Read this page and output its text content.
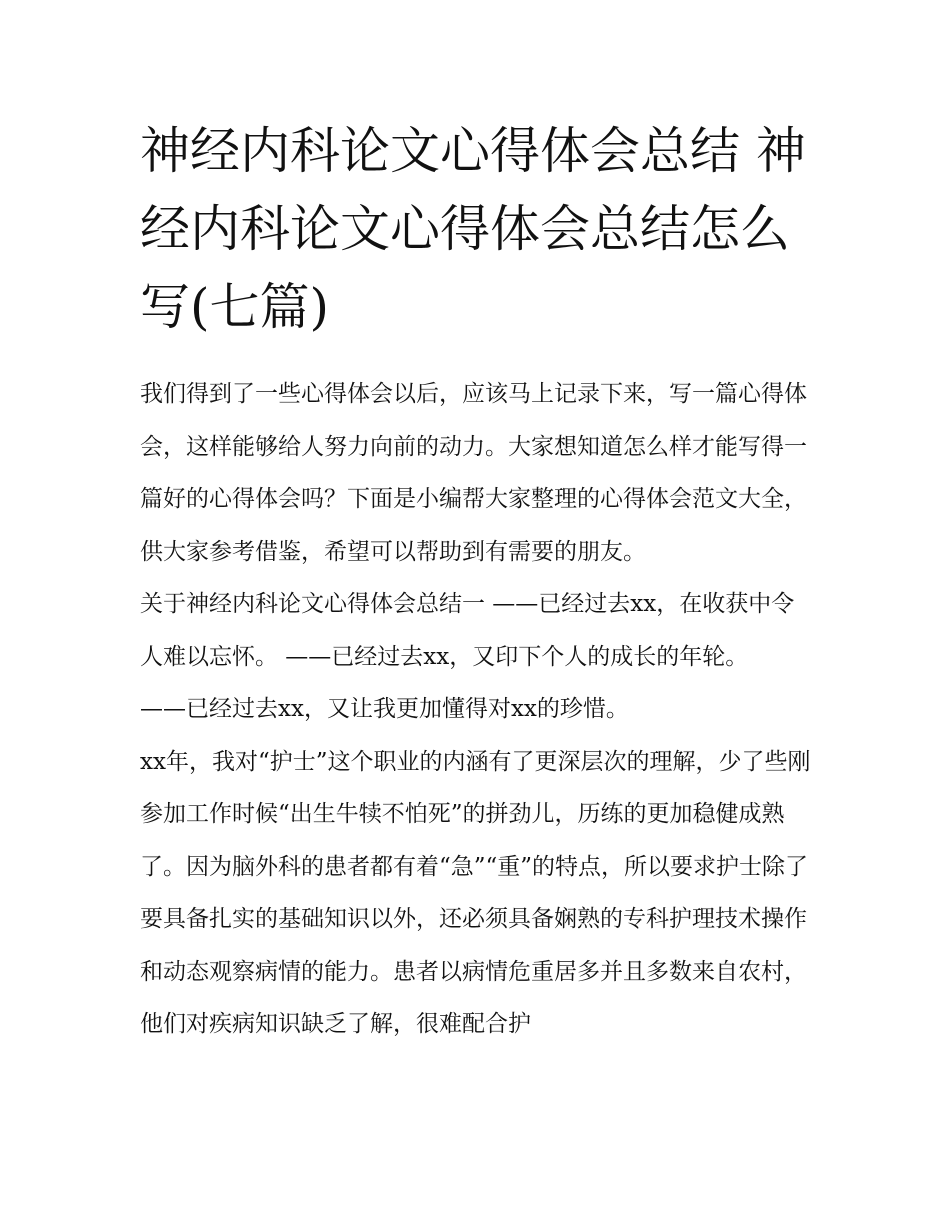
神经内科论文心得体会总结 神经内科论文心得体会总结怎么写(七篇)

我们得到了一些心得体会以后，应该马上记录下来，写一篇心得体会，这样能够给人努力向前的动力。大家想知道怎么样才能写得一篇好的心得体会吗？下面是小编帮大家整理的心得体会范文大全，供大家参考借鉴，希望可以帮助到有需要的朋友。

关于神经内科论文心得体会总结一 ——已经过去xx，在收获中令人难以忘怀。 ——已经过去xx，又印下个人的成长的年轮。

——已经过去xx，又让我更加懂得对xx的珍惜。

xx年，我对“护士”这个职业的内涵有了更深层次的理解，少了些刚参加工作时候“出生牛犊不怕死”的拼劲儿，历练的更加稳健成熟了。因为脑外科的患者都有着“急”“重”的特点，所以要求护士除了要具备扎实的基础知识以外，还必须具备娴熟的专科护理技术操作和动态观察病情的能力。患者以病情危重居多并且多数来自农村，他们对疾病知识缺乏了解，很难配合护
